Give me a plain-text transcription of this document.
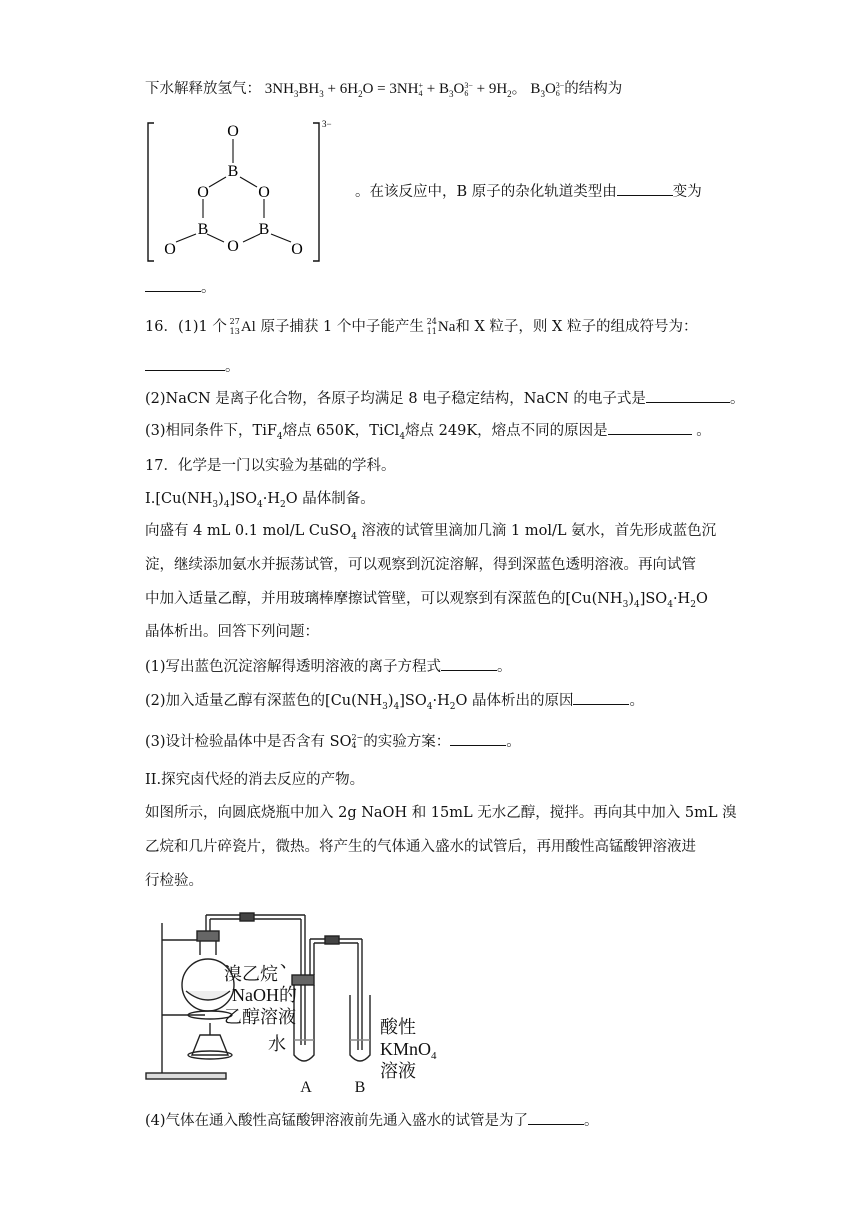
下水解释放氢气： $3NH_3BH_3 + 6H_2O = 3NH$ +
$4 + B_3O$ 3−
$6 + 9H_2$。 $B_3O$ 3−
6 的结构为
3−
O
B
O	O
B
O
B
O	O
。在该反应中，B 原子的杂化轨道类型由	变为
。
16．(1)1 个 27
13 Al 原子捕获 1 个中子能产生 24
11 Na和 X 粒子，则 X 粒子的组成符号为：
。
(2)NaCN 是离子化合物，各原子均满足 8 电子稳定结构，NaCN 的电子式是	。
(3)相同条件下，TiF$_4$熔点 650K，TiCl$_4$熔点 249K，熔点不同的原因是	。
17．化学是一门以实验为基础的学科。
$I.[Cu(NH_3)_4]SO_4\cdot H_2O$ 晶体制备。
向盛有 4 mL 0.1 mol/L CuSO$_4$ 溶液的试管里滴加几滴 1 mol/L 氨水，首先形成蓝色沉
淀，继续添加氨水并振荡试管，可以观察到沉淀溶解，得到深蓝色透明溶液。再向试管
中加入适量乙醇，并用玻璃棒摩擦试管壁，可以观察到有深蓝色的$[Cu(NH_3)_4]SO_4\cdot H_2O$
晶体析出。回答下列问题：
(1)写出蓝色沉淀溶解得透明溶液的离子方程式	。
(2)加入适量乙醇有深蓝色的$[Cu(NH_3)_4]SO_4\cdot H_2O$ 晶体析出的原因	。
(3)设计检验晶体中是否含有 SO 2−
4 的实验方案：	。
II.探究卤代烃的消去反应的产物。
如图所示，向圆底烧瓶中加入 2g NaOH 和 15mL 无水乙醇，搅拌。再向其中加入 5mL 溴
乙烷和几片碎瓷片，微热。将产生的气体通入盛水的试管后，再用酸性高锰酸钾溶液进
行检验。
溴乙烷
、
NaOH的
乙醇溶液
水
酸性
KMnO$_4$
溶液
A	B
(4)气体在通入酸性高锰酸钾溶液前先通入盛水的试管是为了	。
